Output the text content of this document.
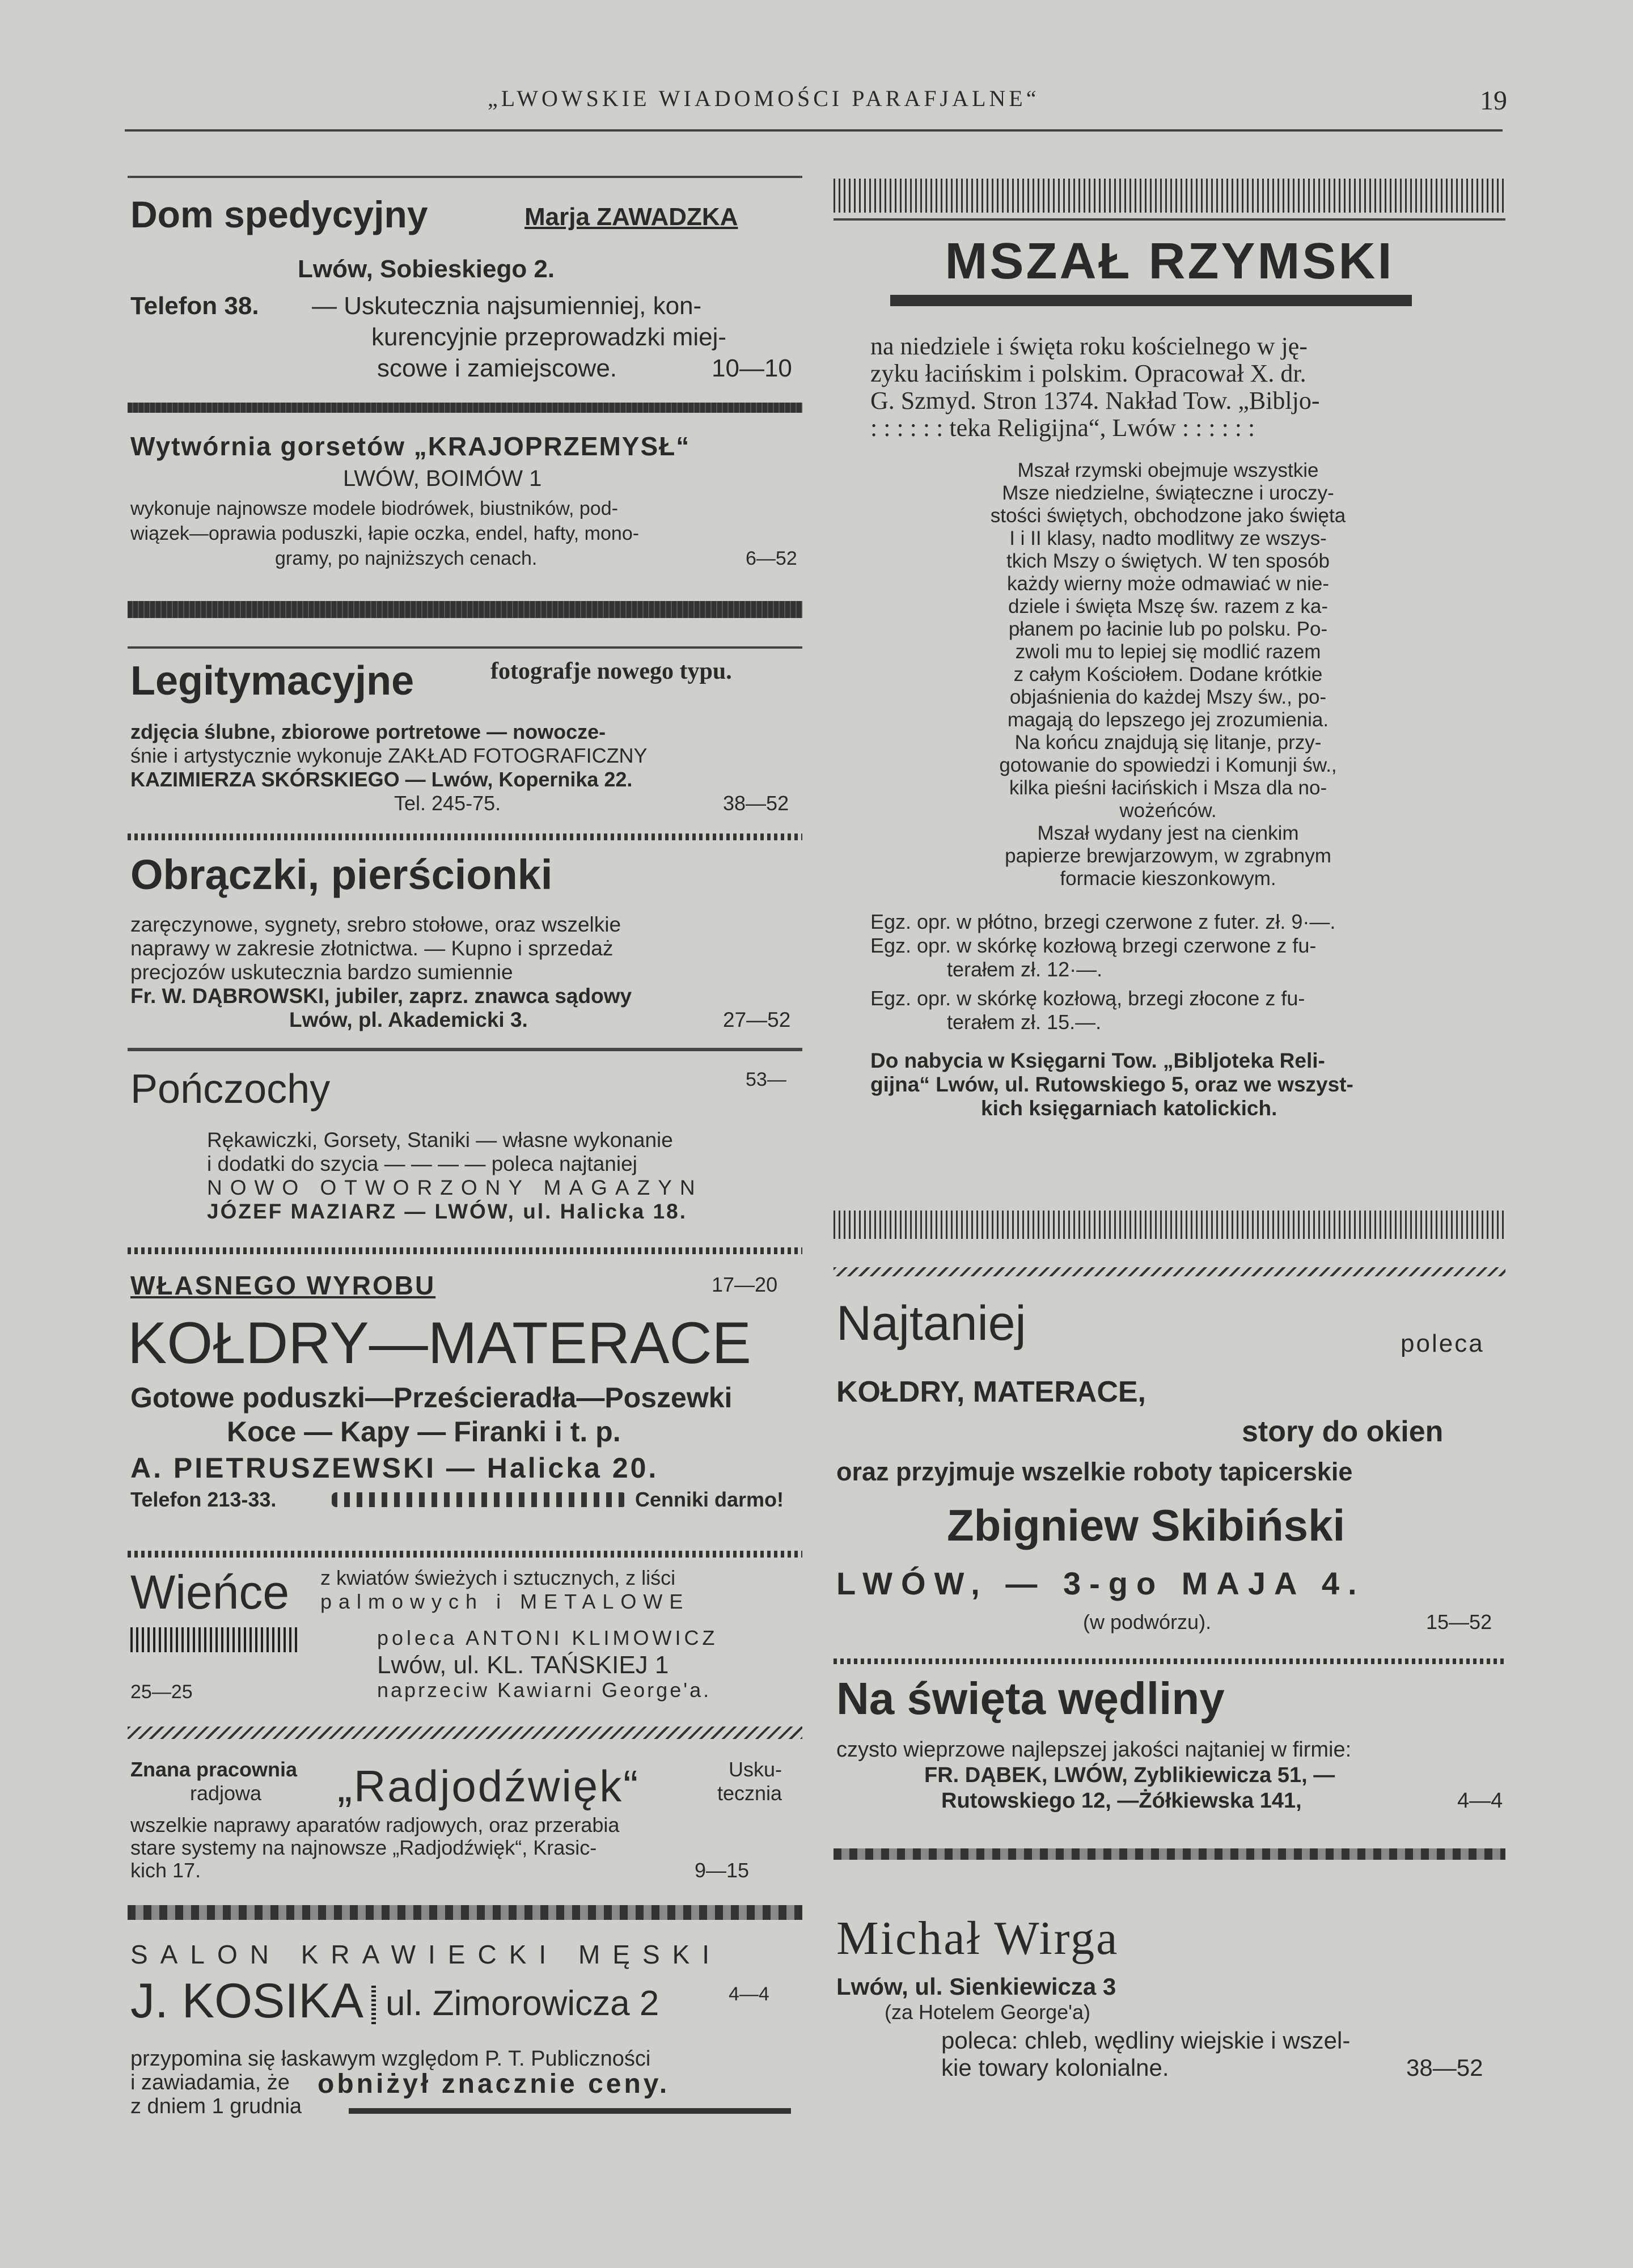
„LWOWSKIE WIADOMOŚCI PARAFJALNE“	19
Dom spedycyjny	Marja ZAWADZKA
Lwów, Sobieskiego 2.
Telefon 38. — Uskutecznia najsumienniej, kon-
kurencyjnie przeprowadzki miej-
scowe i zamiejscowe.	10—10
Wytwórnia gorsetów „KRAJOPRZEMYSŁ“
LWÓW, BOIMÓW 1
wykonuje najnowsze modele biodrówek, biustników, pod-
wiązek—oprawia poduszki, łapie oczka, endel, hafty, mono-
gramy, po najniższych cenach.	6—52
Legitymacyjne	fotografje nowego typu.
zdjęcia ślubne, zbiorowe portretowe — nowocze-
śnie i artystycznie wykonuje ZAKŁAD FOTOGRAFICZNY
KAZIMIERZA SKÓRSKIEGO — Lwów, Kopernika 22.
Tel. 245-75.	38—52
Obrączki, pierścionki
zaręczynowe, sygnety, srebro stołowe, oraz wszelkie
naprawy w zakresie złotnictwa. — Kupno i sprzedaż
precjozów uskutecznia bardzo sumiennie
Fr. W. DĄBROWSKI, jubiler, zaprz. znawca sądowy
Lwów, pl. Akademicki 3.	27—52
Pończochy	53—
Rękawiczki, Gorsety, Staniki — własne wykonanie
i dodatki do szycia — — — — poleca najtaniej
NOWO OTWORZONY MAGAZYN
JÓZEF MAZIARZ — LWÓW, ul. Halicka 18.
WŁASNEGO WYROBU	17—20
KOŁDRY—MATERACE
Gotowe poduszki—Prześcieradła—Poszewki
Koce — Kapy — Firanki i t. p.
A. PIETRUSZEWSKI — Halicka 20.
Telefon 213-33.	Cenniki darmo!
Wieńce z kwiatów świeżych i sztucznych, z liści
palmowych i METALOWE
poleca ANTONI KLIMOWICZ
Lwów, ul. KL. TAŃSKIEJ 1
25—25	naprzeciw Kawiarni George'a.
Znana pracownia
radjowa „Radjodźwięk“	Usku-
tecznia
wszelkie naprawy aparatów radjowych, oraz przerabia
stare systemy na najnowsze „Radjodźwięk“, Krasic-
kich 17.	9—15
SALON KRAWIECKI MĘSKI
J. KOSIKA ul. Zimorowicza 2	4—4
przypomina się łaskawym względom P. T. Publiczności
i zawiadamia, że obniżył znacznie ceny.
z dniem 1 grudnia
MSZAŁ RZYMSKI
na niedziele i święta roku kościelnego w ję-
zyku łacińskim i polskim. Opracował X. dr.
G. Szmyd. Stron 1374. Nakład Tow. „Bibljo-
: : : : : : teka Religijna“, Lwów : : : : : :
Mszał rzymski obejmuje wszystkie
Msze niedzielne, świąteczne i uroczy-
stości świętych, obchodzone jako święta
I i II klasy, nadto modlitwy ze wszys-
tkich Mszy o świętych. W ten sposób
każdy wierny może odmawiać w nie-
dziele i święta Mszę św. razem z ka-
płanem po łacinie lub po polsku. Po-
zwoli mu to lepiej się modlić razem
z całym Kościołem. Dodane krótkie
objaśnienia do każdej Mszy św., po-
magają do lepszego jej zrozumienia.
Na końcu znajdują się litanje, przy-
gotowanie do spowiedzi i Komunji św.,
kilka pieśni łacińskich i Msza dla no-
wożeńców.
Mszał wydany jest na cienkim
papierze brewjarzowym, w zgrabnym
formacie kieszonkowym.
Egz. opr. w płótno, brzegi czerwone z futer. zł. 9·—.
Egz. opr. w skórkę kozłową brzegi czerwone z fu-
terałem zł. 12·—.
Egz. opr. w skórkę kozłową, brzegi złocone z fu-
terałem zł. 15.—.
Do nabycia w Księgarni Tow. „Bibljoteka Reli-
gijna“ Lwów, ul. Rutowskiego 5, oraz we wszyst-
kich księgarniach katolickich.
Najtaniej	poleca
KOŁDRY, MATERACE,
story do okien
oraz przyjmuje wszelkie roboty tapicerskie
Zbigniew Skibiński
LWÓW, — 3-go MAJA 4.
(w podwórzu).	15—52
Na święta wędliny
czysto wieprzowe najlepszej jakości najtaniej w firmie:
FR. DĄBEK, LWÓW, Zyblikiewicza 51, —
Rutowskiego 12, —Żółkiewska 141,	4—4
Michał Wirga
Lwów, ul. Sienkiewicza 3
(za Hotelem George'a)
poleca: chleb, wędliny wiejskie i wszel-
kie towary kolonialne.	38—52
